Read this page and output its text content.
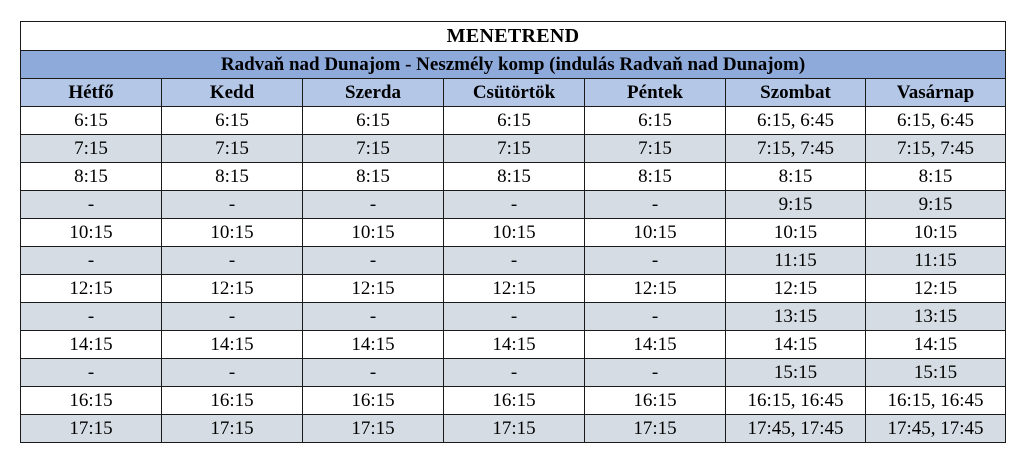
MENETREND						
Radvaň nad Dunajom - Neszmély komp (indulás Radvaň nad Dunajom)						
Hétfő	Kedd	Szerda	Csütörtök	Péntek	Szombat	Vasárnap
6:15	6:15	6:15	6:15	6:15	6:15, 6:45	6:15, 6:45
7:15	7:15	7:15	7:15	7:15	7:15, 7:45	7:15, 7:45
8:15	8:15	8:15	8:15	8:15	8:15	8:15
-	-	-	-	-	9:15	9:15
10:15	10:15	10:15	10:15	10:15	10:15	10:15
-	-	-	-	-	11:15	11:15
12:15	12:15	12:15	12:15	12:15	12:15	12:15
-	-	-	-	-	13:15	13:15
14:15	14:15	14:15	14:15	14:15	14:15	14:15
-	-	-	-	-	15:15	15:15
16:15	16:15	16:15	16:15	16:15	16:15, 16:45	16:15, 16:45
17:15	17:15	17:15	17:15	17:15	17:45, 17:45	17:45, 17:45
